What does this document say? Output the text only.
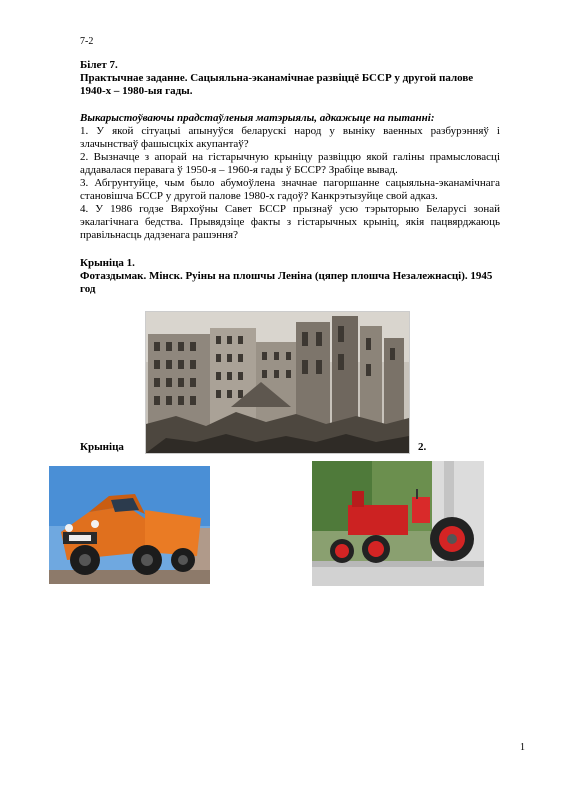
7-2
Білет 7.
Практычнае заданне. Сацыяльна-эканамічнае развіццё БССР у другой палове 1940-х – 1980-ыя гады.
Выкарыстоўваючы прадстаўленыя матэрыялы, адкажыце на пытанні:

1. У якой сітуацыі апынуўся беларускі народ у выніку ваенных разбурэнняў і злачынстваў фашысцкіх акупантаў?

2. Вызначце з апорай на гістарычную крыніцу развіццю якой галіны прамысловасці аддавалася перавага ў 1950-я – 1960-я гады ў БССР? Зрабіце вывад.

3. Абгрунтуйце, чым было абумоўлена значнае пагоршанне сацыяльна-эканамічнага становішча БССР у другой палове 1980-х гадоў? Канкрэтызуйце свой адказ.

4. У 1986 годзе Вярхоўны Савет БССР прызнаў усю тэрыторыю Беларусі зонай экалагічнага бедства. Прывядзіце факты з гістарычных крыніц, якія пацвярджаюць правільнасць дадзенага рашэння?

Крыніца 1.
Фотаздымак. Мінск. Руіны на плошчы Леніна (цяпер плошча Незалежнасці). 1945 год
Крыніца	2.
1
